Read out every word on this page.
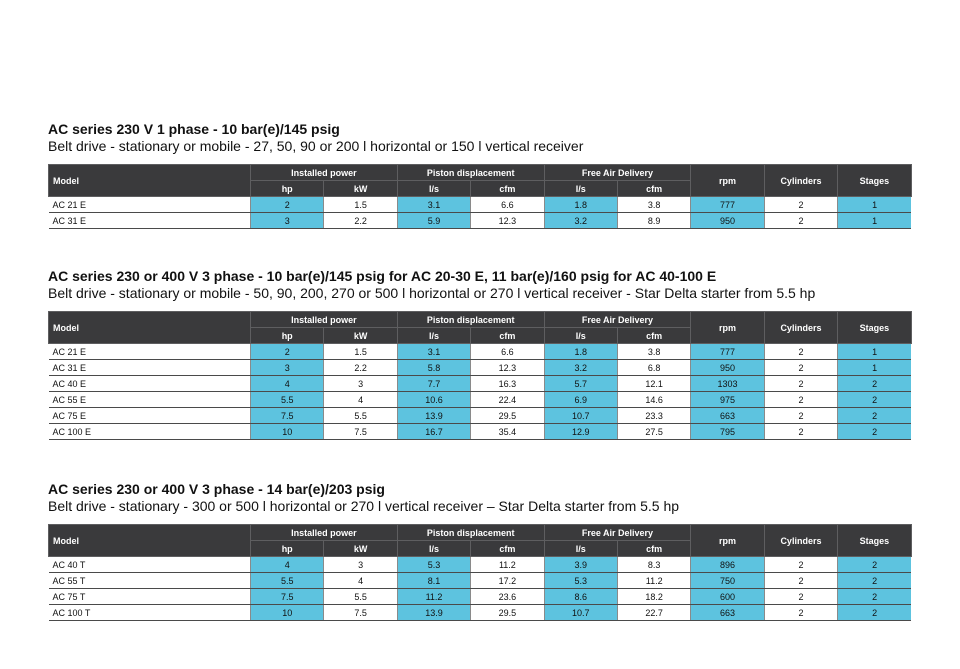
AC series 230 V 1 phase - 10 bar(e)/145 psig

Belt drive - stationary or mobile - 27, 50, 90 or 200 l horizontal or 150 l vertical receiver

Model	Installed power		Piston displacement		Free Air Delivery		rpm	Cylinders	Stages
	hp	kW	l/s	cfm	l/s	cfm			
AC 21 E	2	1.5	3.1	6.6	1.8	3.8	777	2	1
AC 31 E	3	2.2	5.9	12.3	3.2	8.9	950	2	1

AC series 230 or 400 V 3 phase - 10 bar(e)/145 psig for AC 20-30 E, 11 bar(e)/160 psig for AC 40-100 E

Belt drive - stationary or mobile - 50, 90, 200, 270 or 500 l horizontal or 270 l vertical receiver - Star Delta starter from 5.5 hp

Model	Installed power		Piston displacement		Free Air Delivery		rpm	Cylinders	Stages
	hp	kW	l/s	cfm	l/s	cfm			
AC 21 E	2	1.5	3.1	6.6	1.8	3.8	777	2	1
AC 31 E	3	2.2	5.8	12.3	3.2	6.8	950	2	1
AC 40 E	4	3	7.7	16.3	5.7	12.1	1303	2	2
AC 55 E	5.5	4	10.6	22.4	6.9	14.6	975	2	2
AC 75 E	7.5	5.5	13.9	29.5	10.7	23.3	663	2	2
AC 100 E	10	7.5	16.7	35.4	12.9	27.5	795	2	2

AC series 230 or 400 V 3 phase - 14 bar(e)/203 psig

Belt drive - stationary - 300 or 500 l horizontal or 270 l vertical receiver – Star Delta starter from 5.5 hp

Model	Installed power		Piston displacement		Free Air Delivery		rpm	Cylinders	Stages
	hp	kW	l/s	cfm	l/s	cfm			
AC 40 T	4	3	5.3	11.2	3.9	8.3	896	2	2
AC 55 T	5.5	4	8.1	17.2	5.3	11.2	750	2	2
AC 75 T	7.5	5.5	11.2	23.6	8.6	18.2	600	2	2
AC 100 T	10	7.5	13.9	29.5	10.7	22.7	663	2	2
